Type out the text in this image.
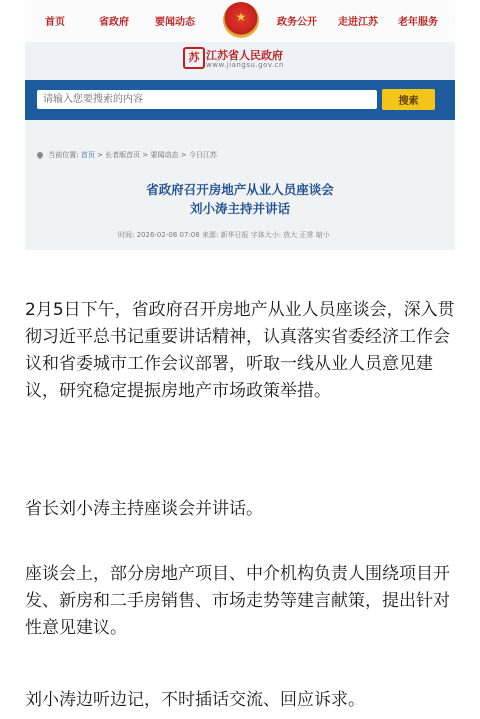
首页	省政府	要闻动态	★	政务公开 走进江苏 老年服务
苏 江苏省人民政府
www.jiangsu.gov.cn
请输入您要搜索的内容
搜索
当前位置: 首页 > 长者版首页 > 要闻动态 > 今日江苏
省政府召开房地产从业人员座谈会
刘小涛主持并讲话
时间: 2026-02-08 07:08 来源: 新华日报 字体大小: 放大 正常 缩小

2月5日下午，省政府召开房地产从业人员座谈会，深入贯彻习近平总书记重要讲话精神，认真落实省委经济工作会议和省委城市工作会议部署，听取一线从业人员意见建议，研究稳定提振房地产市场政策举措。

省长刘小涛主持座谈会并讲话。

座谈会上，部分房地产项目、中介机构负责人围绕项目开发、新房和二手房销售、市场走势等建言献策，提出针对性意见建议。

刘小涛边听边记，不时插话交流、回应诉求。
